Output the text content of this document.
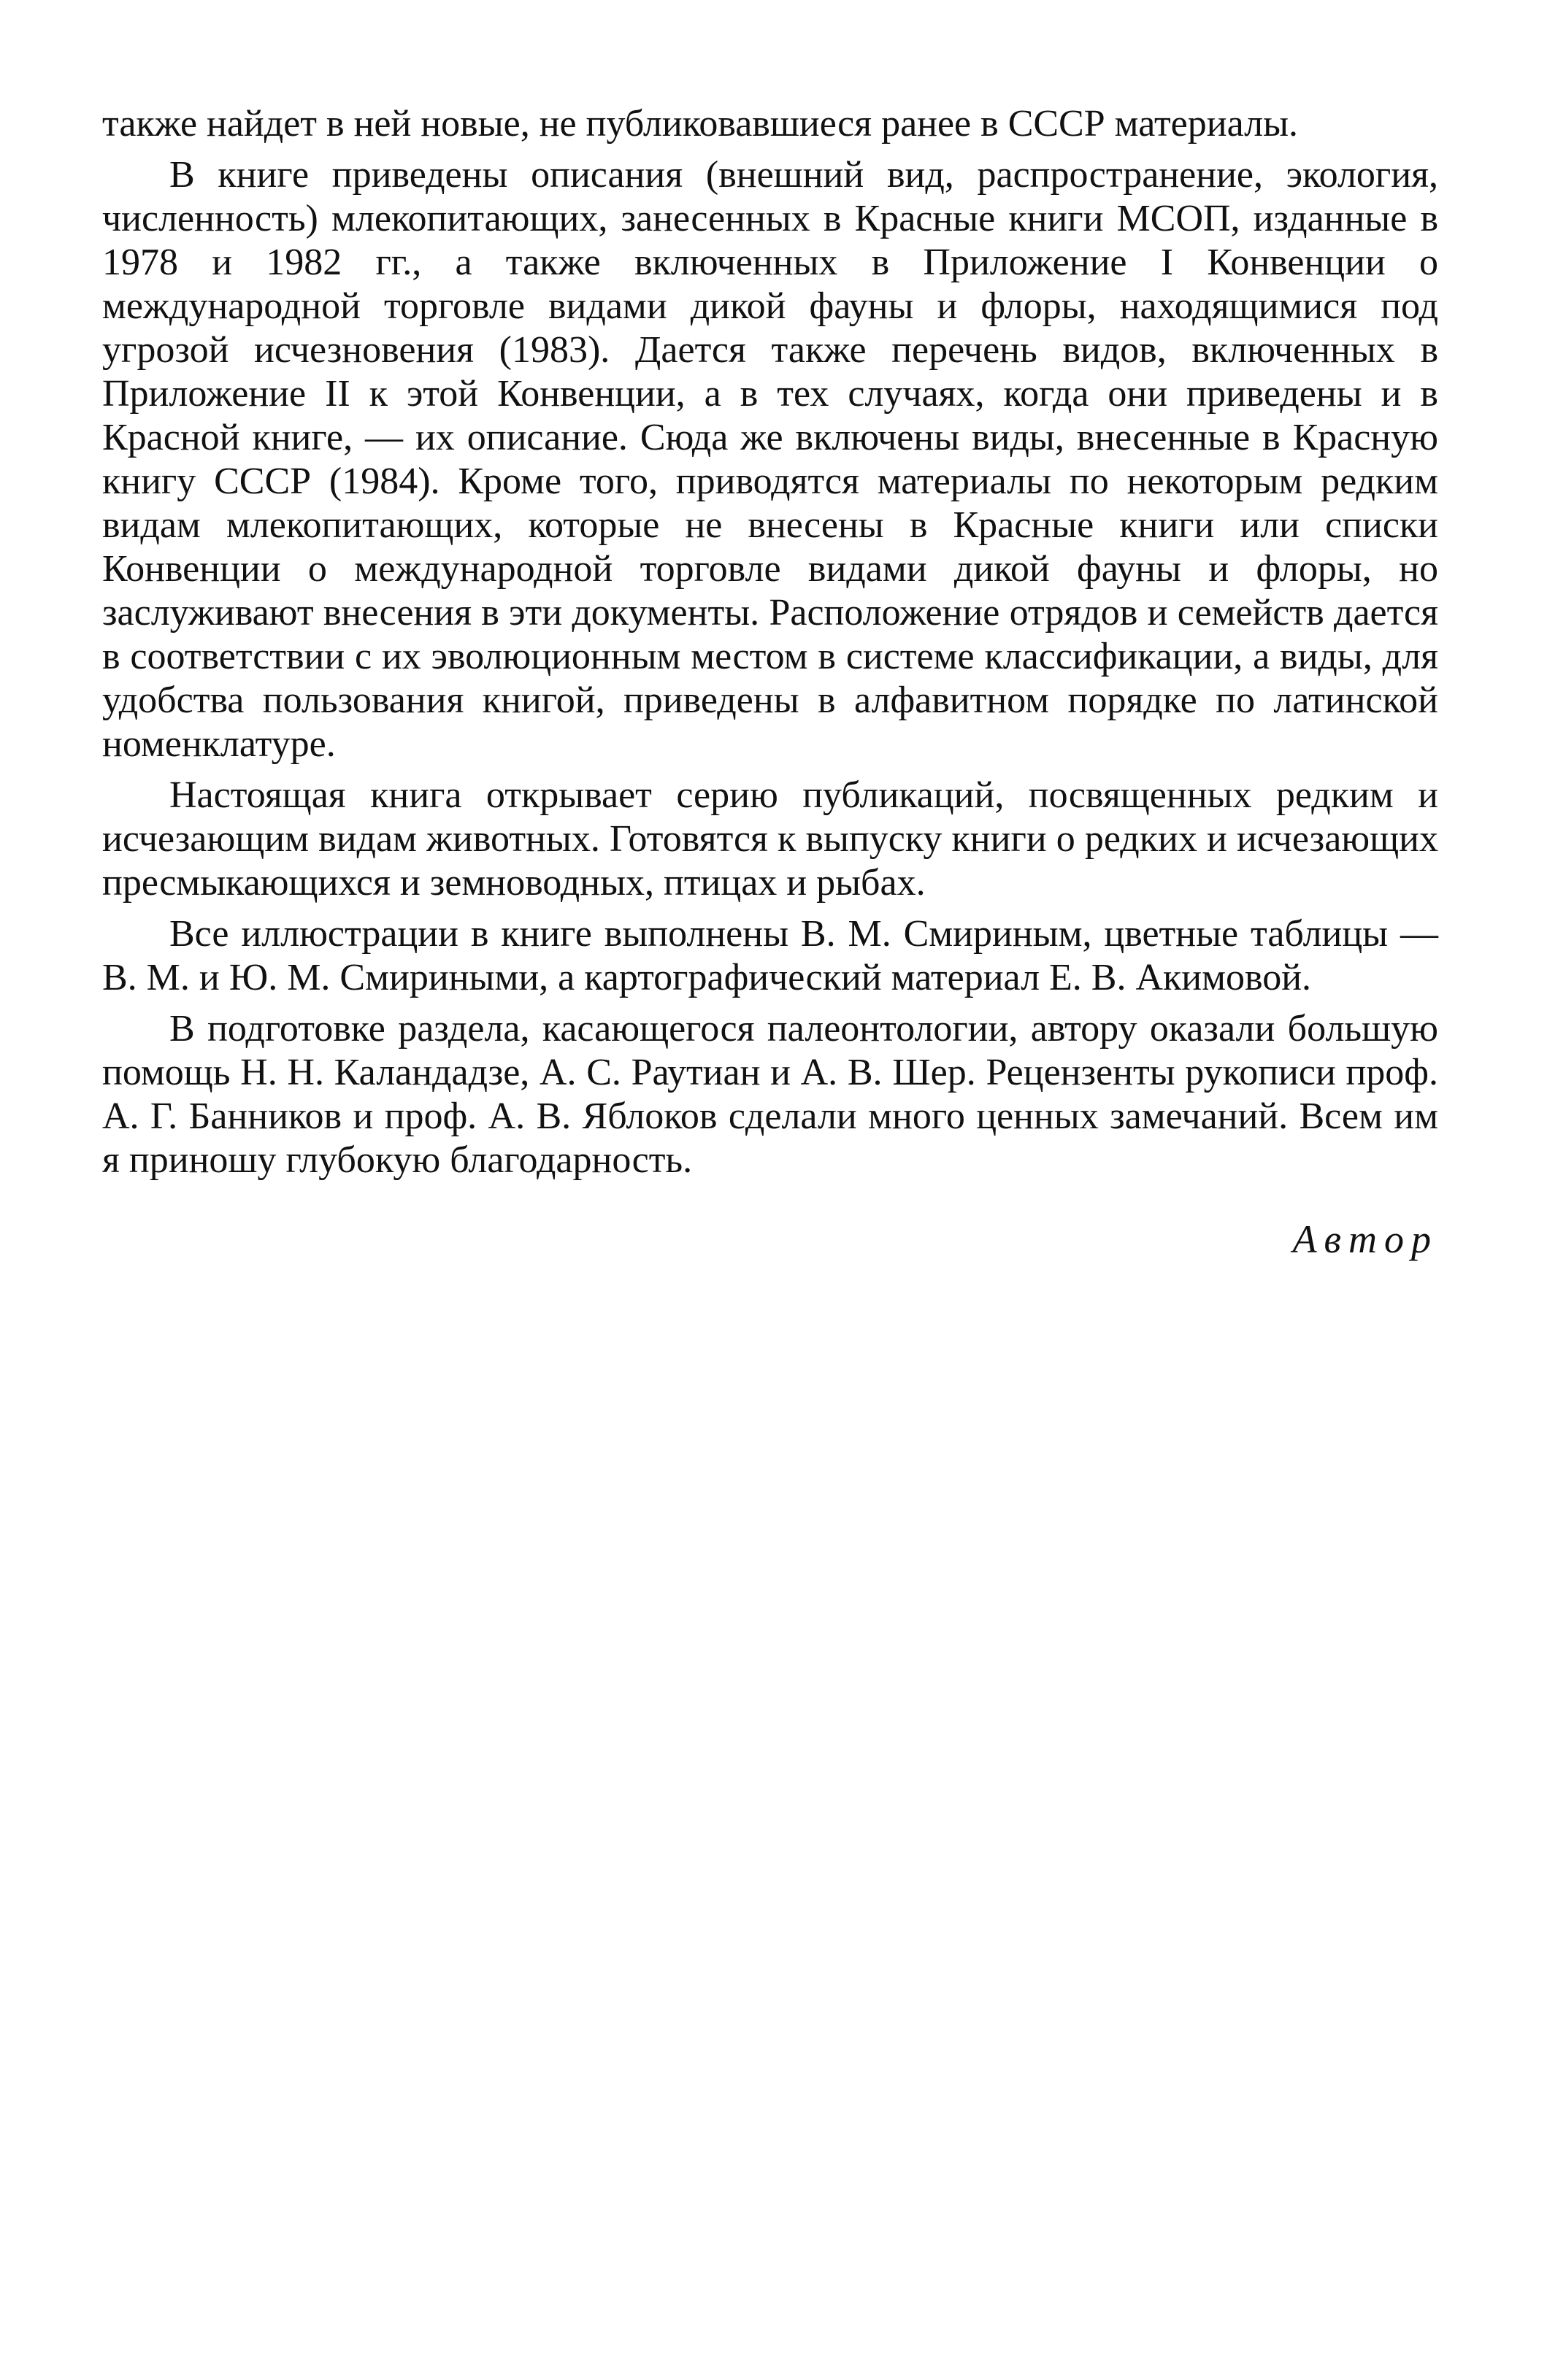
также найдет в ней новые, не публиковавшиеся ранее в СССР материалы.

В книге приведены описания (внешний вид, распространение, экология, численность) млекопитающих, занесенных в Красные книги МСОП, изданные в 1978 и 1982 гг., а также включенных в Приложение I Конвенции о международной торговле видами дикой фауны и флоры, находящимися под угрозой исчезновения (1983). Дается также перечень видов, включенных в Приложение II к этой Конвенции, а в тех случаях, когда они приведены и в Красной книге, — их описание. Сюда же включены виды, внесенные в Красную книгу СССР (1984). Кроме того, приводятся материалы по некоторым редким видам млекопитающих, которые не внесены в Красные книги или списки Конвенции о международной торговле видами дикой фауны и флоры, но заслуживают внесения в эти документы. Расположение отрядов и семейств дается в соответствии с их эволюционным местом в системе классификации, а виды, для удобства пользования книгой, приведены в алфавитном порядке по латинской номенклатуре.

Настоящая книга открывает серию публикаций, посвященных редким и исчезающим видам животных. Готовятся к выпуску книги о редких и исчезающих пресмыкающихся и земноводных, птицах и рыбах.

Все иллюстрации в книге выполнены В. М. Смириным, цветные таблицы — В. М. и Ю. М. Смириными, а картографический материал Е. В. Акимовой.

В подготовке раздела, касающегося палеонтологии, автору оказали большую помощь Н. Н. Каландадзе, А. С. Раутиан и А. В. Шер. Рецензенты рукописи проф. А. Г. Банников и проф. А. В. Яблоков сделали много ценных замечаний. Всем им я приношу глубокую благодарность.

Автор
